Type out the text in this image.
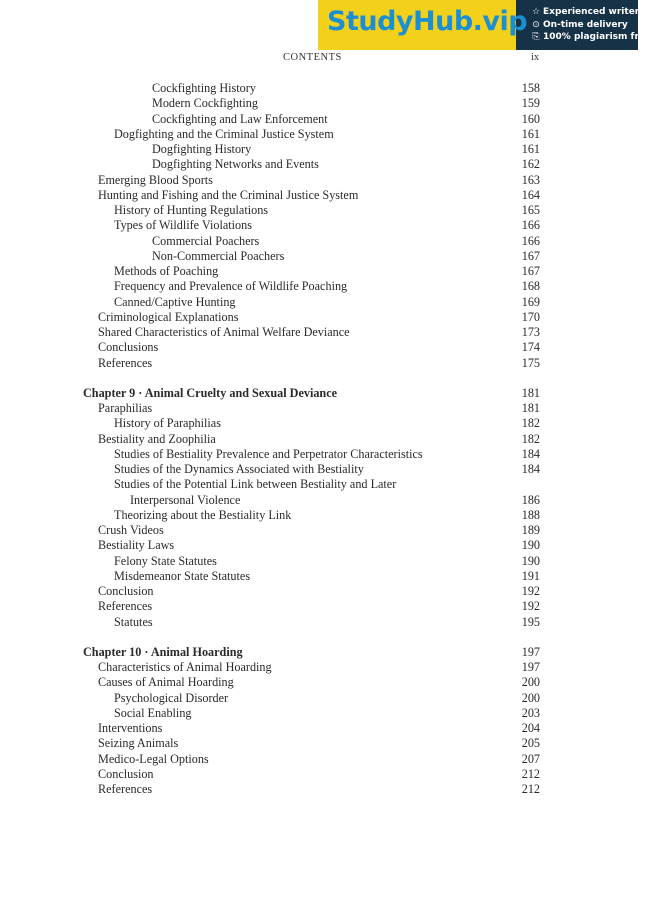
StudyHub.vip ☆ Experienced writers
⊙ On-time delivery
⎘ 100% plagiarism free
CONTENTS	ix
Cockfighting History	158
Modern Cockfighting	159
Cockfighting and Law Enforcement	160
Dogfighting and the Criminal Justice System	161
Dogfighting History	161
Dogfighting Networks and Events	162
Emerging Blood Sports	163
Hunting and Fishing and the Criminal Justice System	164
History of Hunting Regulations	165
Types of Wildlife Violations	166
Commercial Poachers	166
Non-Commercial Poachers	167
Methods of Poaching	167
Frequency and Prevalence of Wildlife Poaching	168
Canned/Captive Hunting	169
Criminological Explanations	170
Shared Characteristics of Animal Welfare Deviance	173
Conclusions	174
References	175
Chapter 9 · Animal Cruelty and Sexual Deviance	181
Paraphilias	181
History of Paraphilias	182
Bestiality and Zoophilia	182
Studies of Bestiality Prevalence and Perpetrator Characteristics	184
Studies of the Dynamics Associated with Bestiality	184
Studies of the Potential Link between Bestiality and Later
Interpersonal Violence	186
Theorizing about the Bestiality Link	188
Crush Videos	189
Bestiality Laws	190
Felony State Statutes	190
Misdemeanor State Statutes	191
Conclusion	192
References	192
Statutes	195
Chapter 10 · Animal Hoarding	197
Characteristics of Animal Hoarding	197
Causes of Animal Hoarding	200
Psychological Disorder	200
Social Enabling	203
Interventions	204
Seizing Animals	205
Medico-Legal Options	207
Conclusion	212
References	212
